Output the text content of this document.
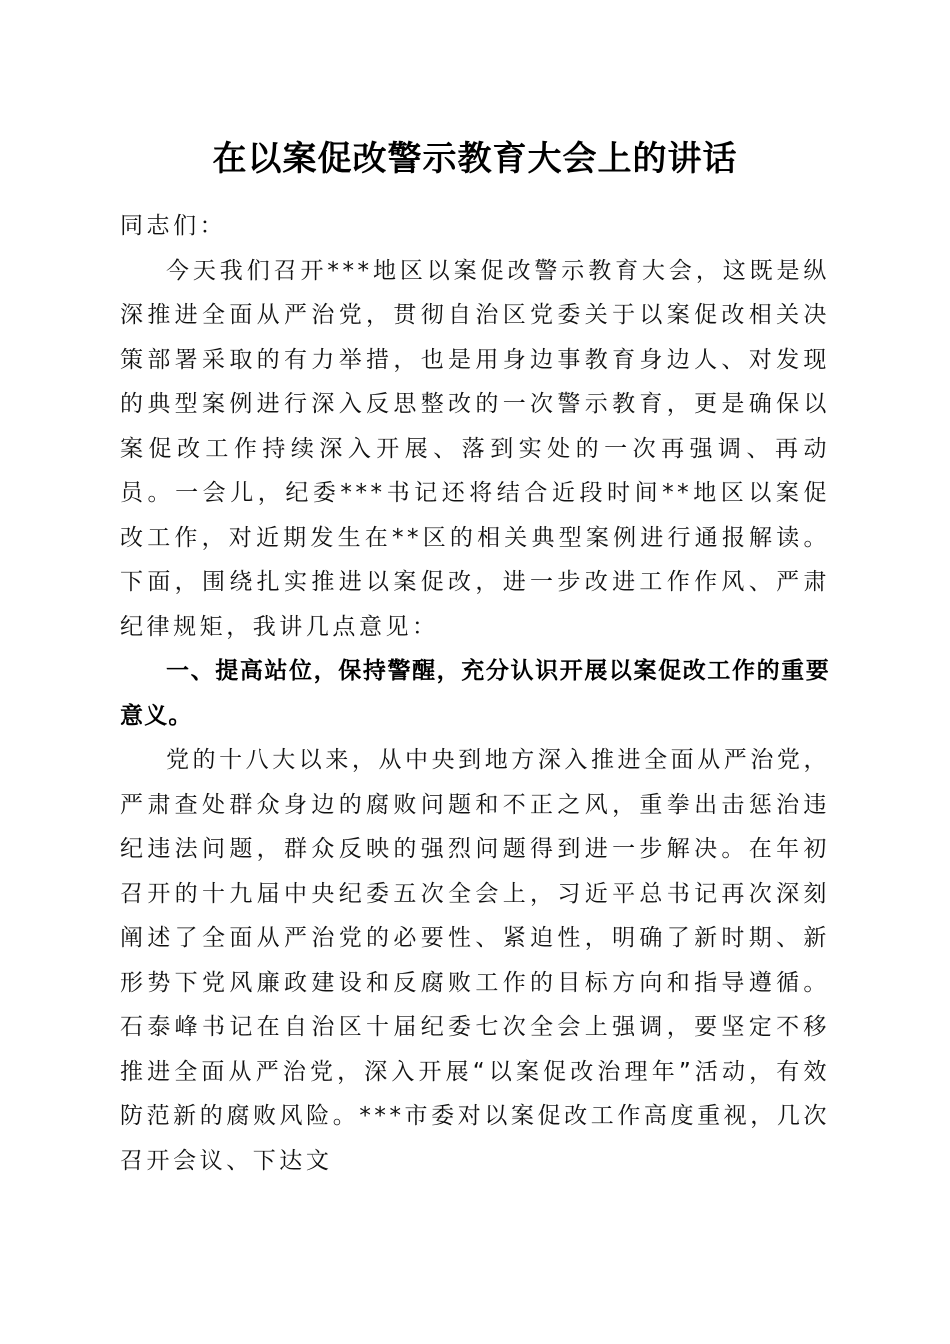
在以案促改警示教育大会上的讲话

同志们：

今天我们召开***地区以案促改警示教育大会，这既是纵深推进全面从严治党，贯彻自治区党委关于以案促改相关决策部署采取的有力举措，也是用身边事教育身边人、对发现的典型案例进行深入反思整改的一次警示教育，更是确保以案促改工作持续深入开展、落到实处的一次再强调、再动员。一会儿，纪委***书记还将结合近段时间**地区以案促改工作，对近期发生在**区的相关典型案例进行通报解读。下面，围绕扎实推进以案促改，进一步改进工作作风、严肃纪律规矩，我讲几点意见：

一、提高站位，保持警醒，充分认识开展以案促改工作的重要意义。

党的十八大以来，从中央到地方深入推进全面从严治党，严肃查处群众身边的腐败问题和不正之风，重拳出击惩治违纪违法问题，群众反映的强烈问题得到进一步解决。在年初召开的十九届中央纪委五次全会上，习近平总书记再次深刻阐述了全面从严治党的必要性、紧迫性，明确了新时期、新形势下党风廉政建设和反腐败工作的目标方向和指导遵循。石泰峰书记在自治区十届纪委七次全会上强调，要坚定不移推进全面从严治党，深入开展“以案促改治理年”活动，有效防范新的腐败风险。***市委对以案促改工作高度重视，几次召开会议、下达文
